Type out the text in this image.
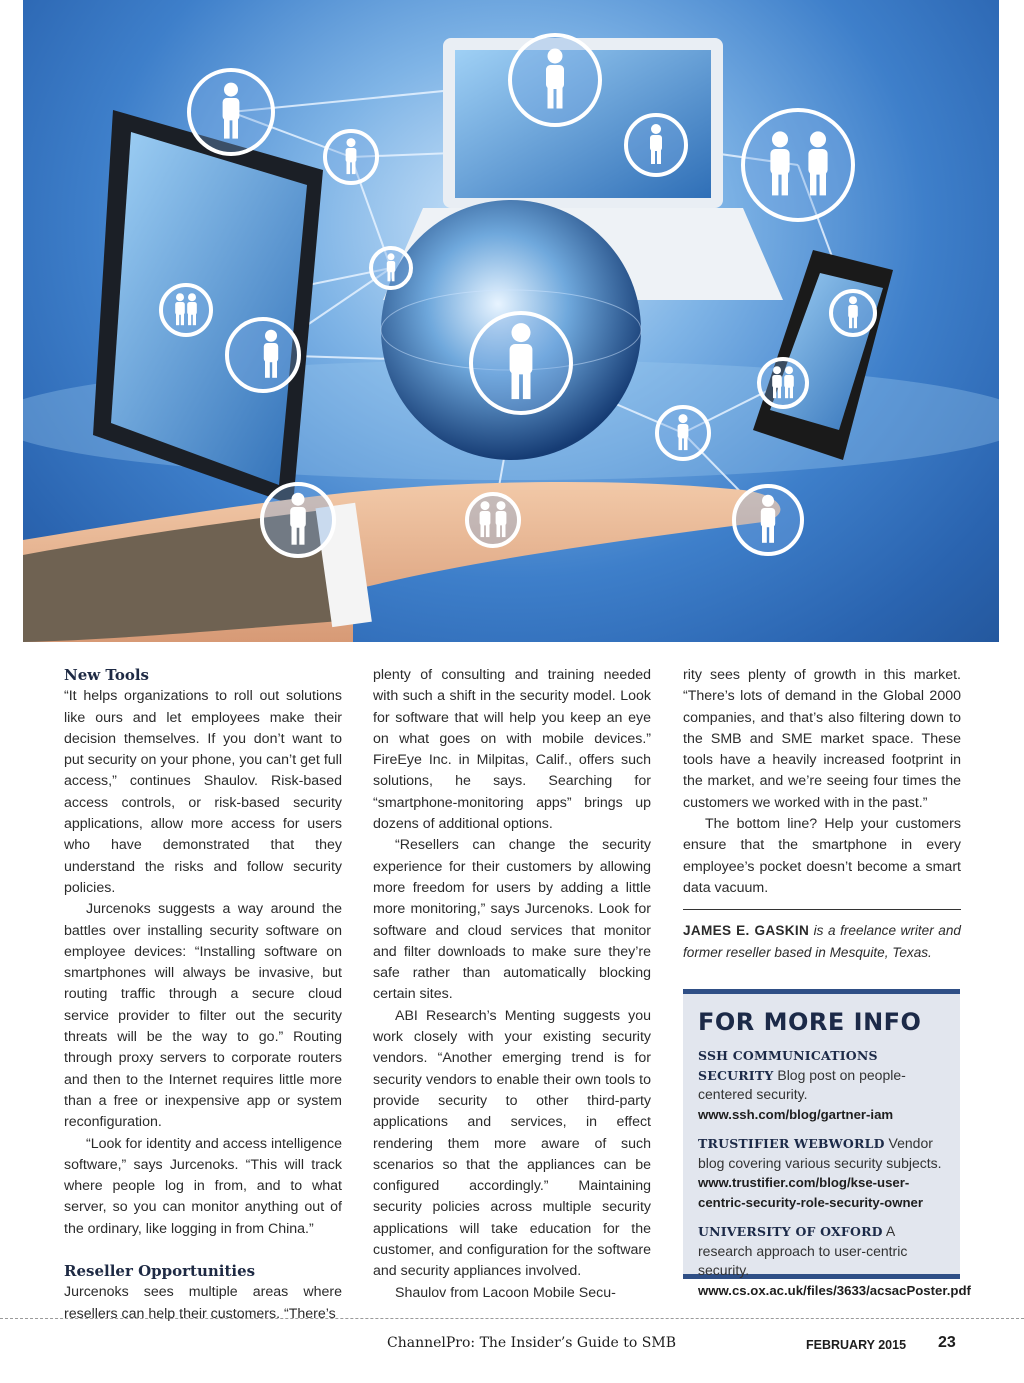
New Tools

“It helps organizations to roll out solutions like ours and let employees make their decision themselves. If you don’t want to put security on your phone, you can’t get full access,” continues Shaulov. Risk-based access controls, or risk-based security applications, allow more access for users who have demonstrated that they understand the risks and follow security policies.

Jurcenoks suggests a way around the battles over installing security software on employee devices: “Installing software on smartphones will always be invasive, but routing traffic through a secure cloud service provider to filter out the security threats will be the way to go.” Routing through proxy servers to corporate routers and then to the Internet requires little more than a free or inexpensive app or system reconfiguration.

“Look for identity and access intelligence software,” says Jurcenoks. “This will track where people log in from, and to what server, so you can monitor anything out of the ordinary, like logging in from China.”

Reseller Opportunities

Jurcenoks sees multiple areas where resellers can help their customers. “There’s

plenty of consulting and training needed with such a shift in the security model. Look for software that will help you keep an eye on what goes on with mobile devices.” FireEye Inc. in Milpitas, Calif., offers such solutions, he says. Searching for “smartphone-monitoring apps” brings up dozens of additional options.

“Resellers can change the security experience for their customers by allowing more freedom for users by adding a little more monitoring,” says Jurcenoks. Look for software and cloud services that monitor and filter downloads to make sure they’re safe rather than automatically blocking certain sites.

ABI Research’s Menting suggests you work closely with your existing security vendors. “Another emerging trend is for security vendors to enable their own tools to provide security to other third-party applications and services, in effect rendering them more aware of such scenarios so that the appliances can be configured accordingly.” Maintaining security policies across multiple security applications will take education for the customer, and configuration for the software and security appliances involved.

Shaulov from Lacoon Mobile Secu-

rity sees plenty of growth in this market. “There’s lots of demand in the Global 2000 companies, and that’s also filtering down to the SMB and SME market space. These tools have a heavily increased footprint in the market, and we’re seeing four times the customers we worked with in the past.”

The bottom line? Help your customers ensure that the smartphone in every employee’s pocket doesn’t become a smart data vacuum.

JAMES E. GASKIN is a freelance writer and former reseller based in Mesquite, Texas.

FOR MORE INFO
SSH COMMUNICATIONS SECURITY Blog post on people-centered security.
www.ssh.com/blog/gartner-iam
TRUSTIFIER WEBWORLD Vendor blog covering various security subjects.
www.trustifier.com/blog/kse-user-centric-security-role-security-owner
UNIVERSITY OF OXFORD A research approach to user-centric security.
www.cs.ox.ac.uk/files/3633/acsacPoster.pdf
ChannelPro: The Insider’s Guide to SMB	FEBRUARY 2015 23
